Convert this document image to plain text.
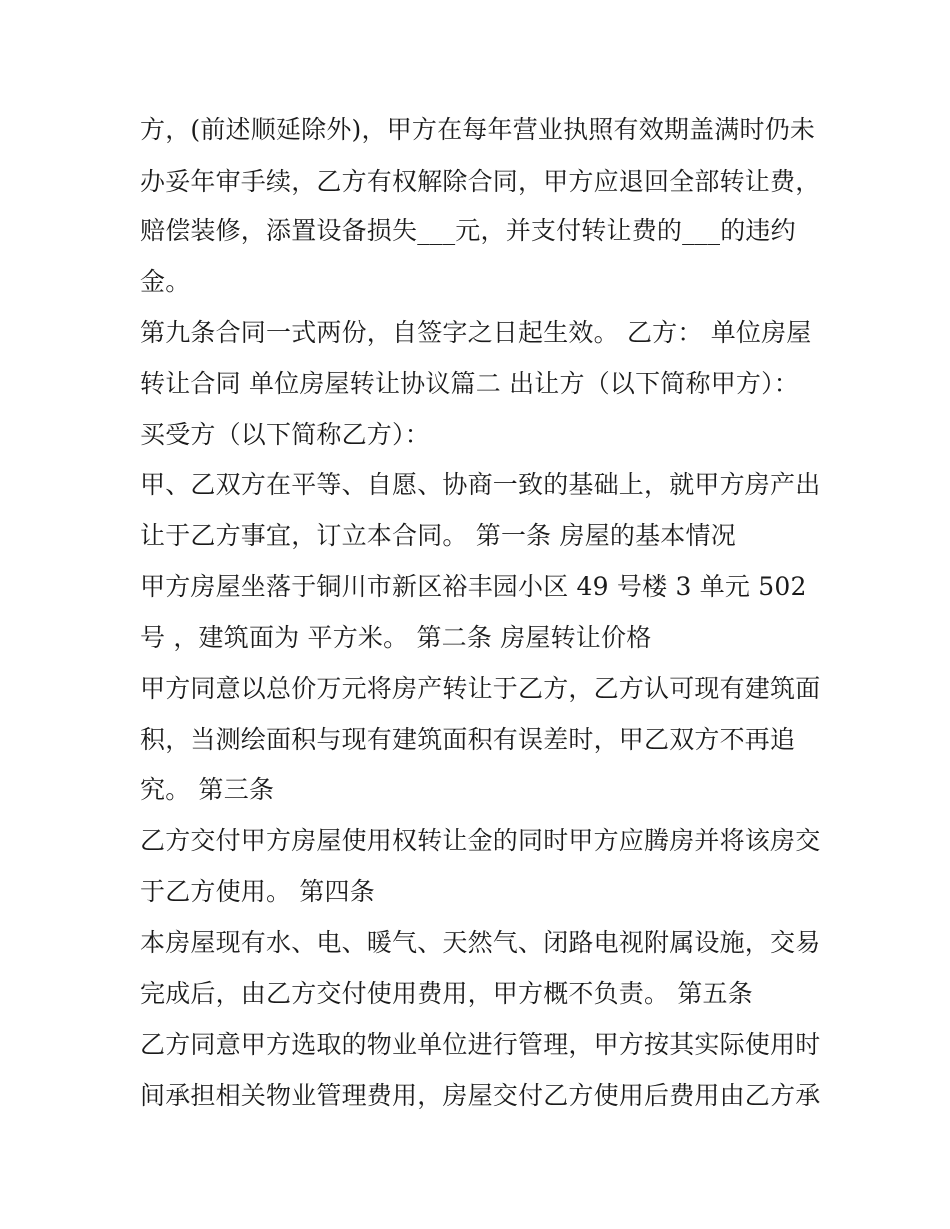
方，(前述顺延除外)，甲方在每年营业执照有效期盖满时仍未
办妥年审手续，乙方有权解除合同，甲方应退回全部转让费，
赔偿装修，添置设备损失___元，并支付转让费的___的违约
金。
第九条合同一式两份，自签字之日起生效。 乙方： 单位房屋
转让合同 单位房屋转让协议篇二 出让方（以下简称甲方）：
买受方（以下简称乙方）：
甲、乙双方在平等、自愿、协商一致的基础上，就甲方房产出
让于乙方事宜，订立本合同。 第一条 房屋的基本情况
甲方房屋坐落于铜川市新区裕丰园小区 49 号楼 3 单元 502
号 ，建筑面为 平方米。 第二条 房屋转让价格
甲方同意以总价万元将房产转让于乙方，乙方认可现有建筑面
积，当测绘面积与现有建筑面积有误差时，甲乙双方不再追
究。 第三条
乙方交付甲方房屋使用权转让金的同时甲方应腾房并将该房交
于乙方使用。 第四条
本房屋现有水、电、暖气、天然气、闭路电视附属设施，交易
完成后，由乙方交付使用费用，甲方概不负责。 第五条
乙方同意甲方选取的物业单位进行管理，甲方按其实际使用时
间承担相关物业管理费用，房屋交付乙方使用后费用由乙方承
